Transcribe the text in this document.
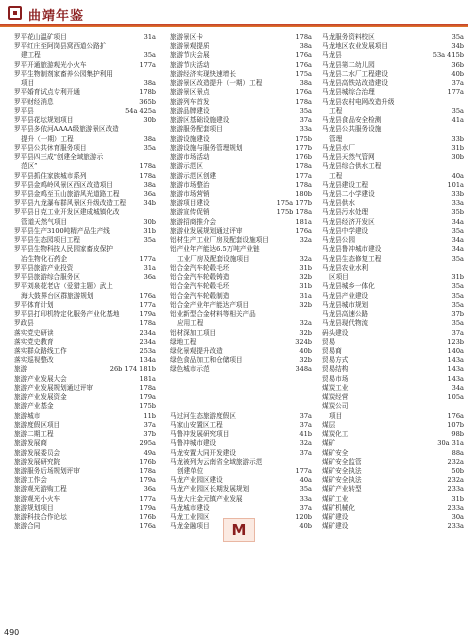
曲靖年鉴
罗平花山温矿项目	31a
罗平红庄至阿岗县窝西道公路扩
建工程	35a
罗平开通旅游观光小火车	177a
罗平生物制剂家畜养公园集护利用
项目	38a
罗平婚育试点专利开通	178b
罗平财经消息	365b
罗平县	54a 425a
罗平县花坛规划项目	30b
罗平县多依河AAAA级旅游景区改造
提升（一期）工程	38a
罗平县公共休育服务项目	35a
罗平县四三成“创建全域旅游示
范区”	178a
罗平县抓住家族城市系列	178a
罗平县金鸡岭风景区西区改造项目	38a
罗平县金鸡至玉山旅游风光道路工程	36a
罗平县九龙瀑布群风景区升级改造工程	34b
罗平县日克工业开发区建成城镇化改
管道天然气项目	30b
罗平县生产3100吨精产品生产线	31b
罗平县生态园项目工程	35a
罗平县生物科技人民园家畜皮保护
冶生物化石药企	177a
罗平县旅游产业投资	31a
罗平县旅游综合服务区	36a
罗平刘泉花老店（爱猎主题）武上
海大鼓界台区群旅游规划	176a
罗平体育计划	177a
罗平县打印机特定化服务产业化基地	179a
罗政县	178a
落实党史研读	234a
落实党史教育	234a
落实群众路线工作	253a
落实巡视整改	134a
旅游	26b 174 181b
旅游产业发展大会	181a
旅游产业发展规划通过评审	178a
旅游产业发展资金	179a
旅游产业基金	175b
旅游城市	11b
旅游度假区项目	37a
旅游二期工程	37b
旅游发展商	295a
旅游发展委员会	49a
旅游发展研究院	176b
旅游服务后场规划评审	178a
旅游工作会	179a
旅游观光游购工程	36a
旅游观光小火车	177a
旅游规划项目	179a
旅游科技合作论坛	176b
旅游合同	176a
旅游景区卡	178a
旅游景观提质	38a
旅游节庆会展	176a
旅游节庆活动	176a
旅游经济实现快速增长	175a
旅游景区改造提升（一期）工程	38a
旅游景区景点	176a
旅游列车首发	178a
旅游品牌建设	35a
旅游区基础设施建设	37a
旅游服务配套项目	33a
旅游设施建设	175b
旅游设施与服务管理规划	177b
旅游市场活动	176b
旅游示范区	178a
旅游示范区创建	177a
旅游市场整治	178a
旅游市场营销	180b
旅游项目建设	175a 177b
旅游宣传促销	175b 178a
旅游招商推介会	181a
旅游业发展规划通过评审	176a
铝材生产工业厂房及配套设施项目	32a
铝产业年产能达6.5万吨产业链
工业厂房及配套设施项目	32a
铝合金汽车轮毂毛坯	31b
铝合金汽车轮毂铸造	32b
铝合金汽车轮毂毛坯	31b
铝合金汽车轮毂制造	31a
铝合金产业年产能达产项目	32b
铝业新型合金材料等相关产品
应用工程	32a
铝材深加工项目	32b
绿地工程	324b
绿化景观提升改造	40b
绿色食品加工和仓储项目	32b
绿色城市示范	348a
马过河生态旅游度假区	37a
马家山安置区工程	37a
马鲁冲发展研究项目	41b
马鲁冲城市建设	32a
马龙安置大同开发建设	37a
马龙被列为云南省全域旅游示范
创建单位	177a
马龙产业园区建设	40a
马龙产业园区长期发展规划	35a
马龙大庄金元镇产业发展	33a
马龙城市建设	37a
马龙工业园区	120b
马龙金融项目	40b
马龙服务资料校区	35a
马龙地区农业发展项目	34b
马龙县	53a 415b
马龙县第二幼儿园	36b
马龙县二水厂工程建设	40b
马龙县高铁站改造建设	37a
马龙县城综合治理	177a
马龙县农村电网改造升级
工程	35a
马龙县食品安全检测	41a
马龙县公共服务设施
管理	33b
马龙县水厂	31b
马龙县天然气管网	30b
马龙县综合供水工程
工程	40a
马龙县建设工程	101a
马龙县二小学建设	33b
马龙县供水	33a
马龙县污水处理	35b
马龙县经济开发区	34a
马龙县中学建设	35a
马龙县公园	34a
马龙县鲁冲城市建设	34a
马龙县生态修复工程	35a
马龙县农业水利
区项目	31b
马龙县城乡一体化	35a
马龙县产业建设	35a
马龙县城市规划	35a
马龙县高速公路	37b
马龙县现代物流	35a
码头建设	37a
贸易	123b
贸易商	140a
贸易方式	143a
贸易结构	143a
贸易市场	143a
煤炭工业	34a
煤炭经营	105a
煤炭公司
项目	176a
煤层	107b
煤炭化工	98b
煤矿	30a 31a
煤矿安全	88a
煤矿安全监管	232a
煤矿安全执法	50b
煤矿安全执法	232a
煤矿产业转型	233a
煤矿工业	31b
煤矿机械化	233a
煤矿建设	30a
煤矿建设	233a
M
490
